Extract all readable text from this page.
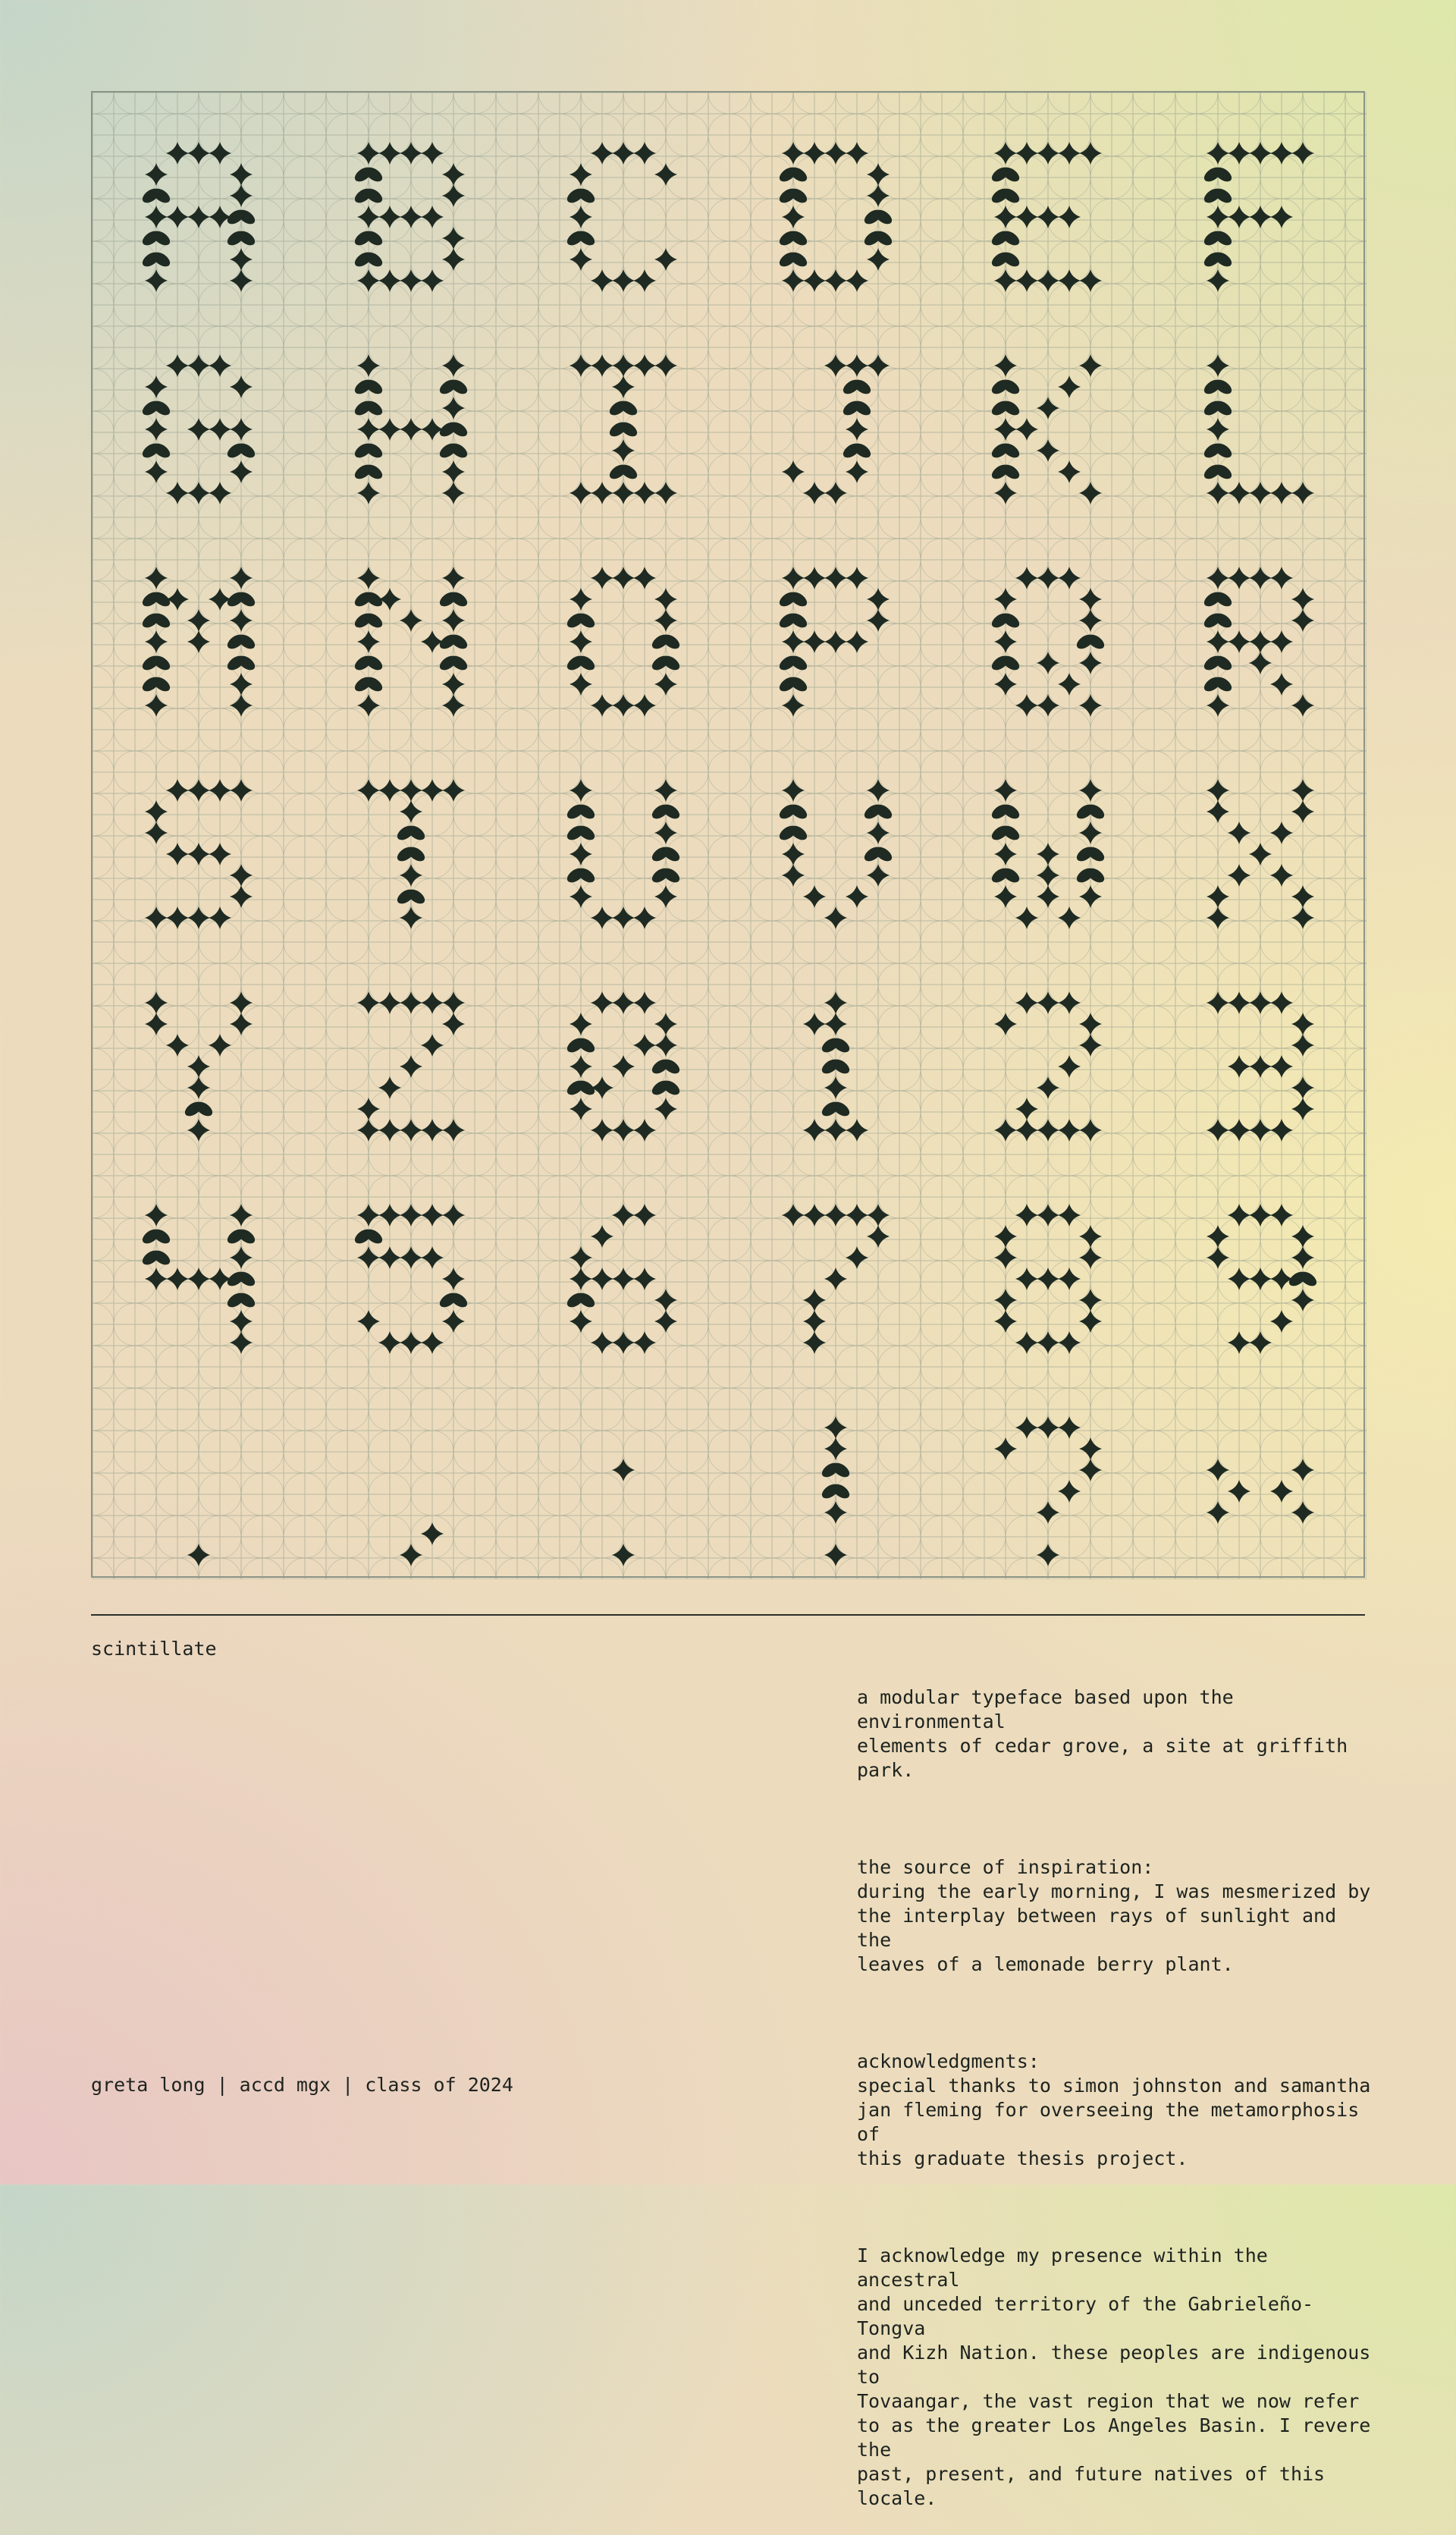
scintillate

greta long | accd mgx | class of 2024

a modular typeface based upon the environmental
elements of cedar grove, a site at griffith park.

the source of inspiration:
during the early morning, I was mesmerized by
the interplay between rays of sunlight and the
leaves of a lemonade berry plant.

acknowledgments:
special thanks to simon johnston and samantha
jan fleming for overseeing the metamorphosis of
this graduate thesis project.

I acknowledge my presence within the ancestral
and unceded territory of the Gabrieleño-Tongva
and Kizh Nation. these peoples are indigenous to
Tovaangar, the vast region that we now refer
to as the greater Los Angeles Basin. I revere the
past, present, and future natives of this locale.
